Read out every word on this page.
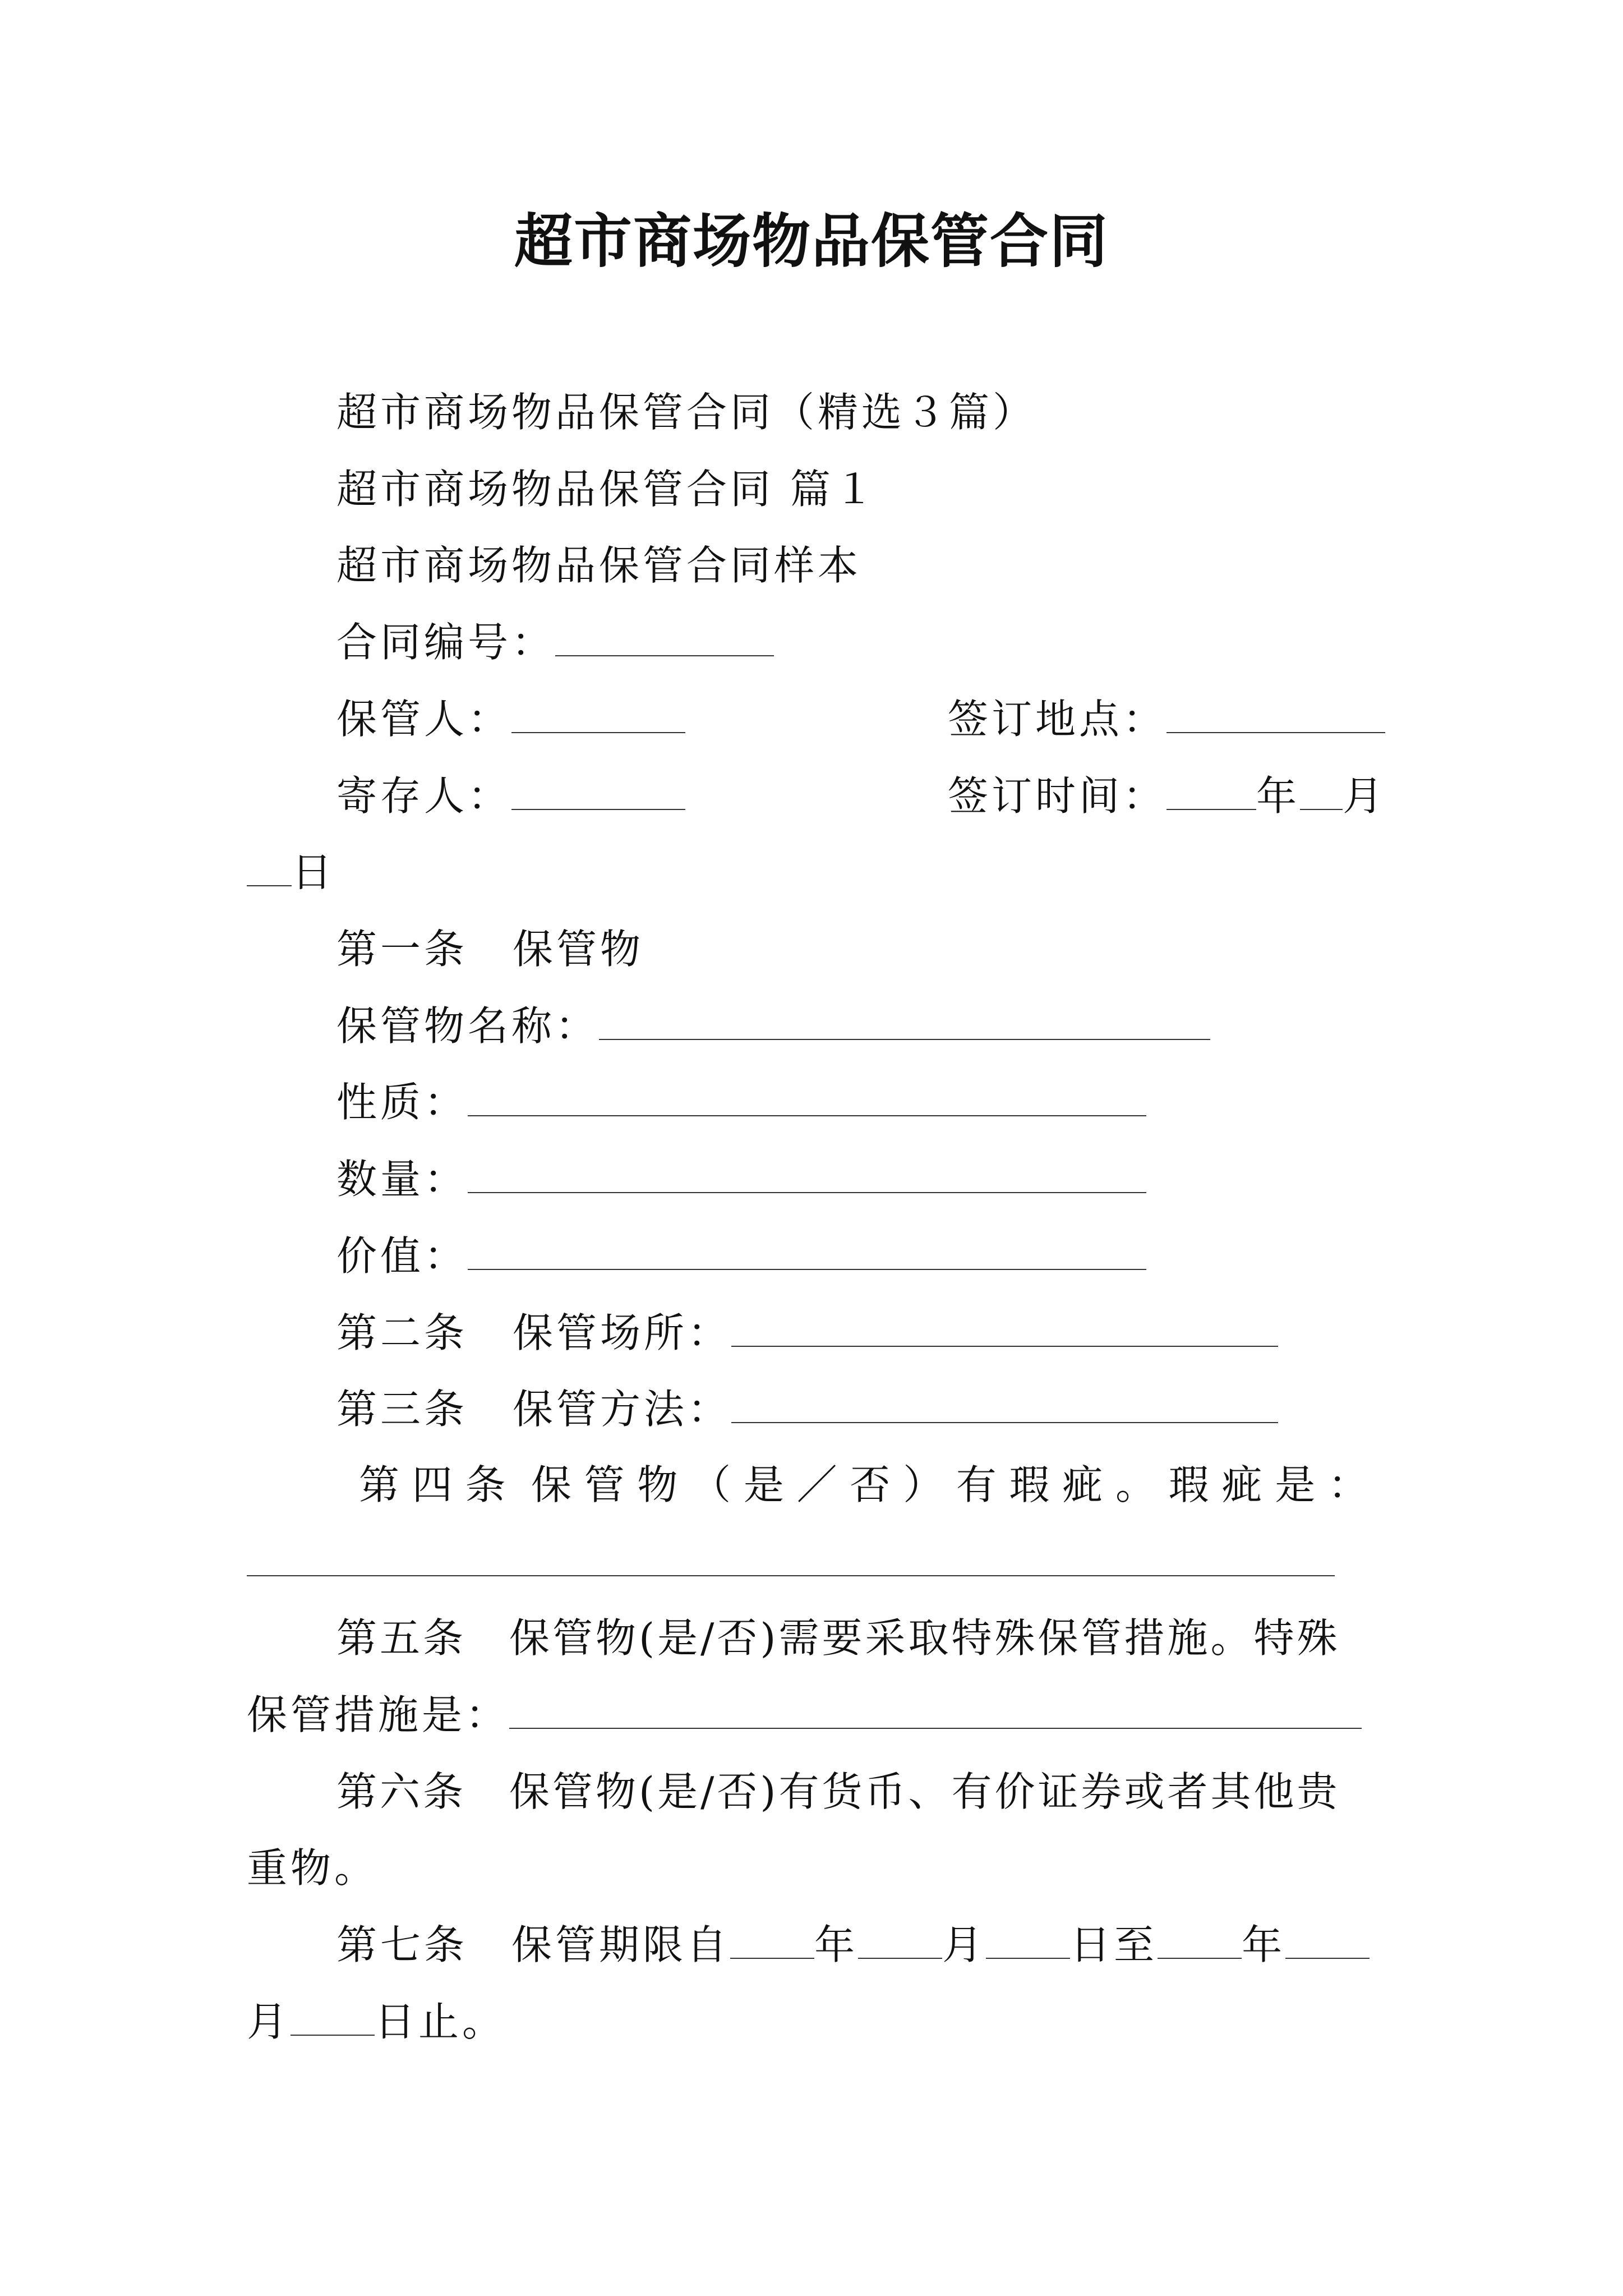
超市商场物品保管合同
超市商场物品保管合同（精选３篇）
超市商场物品保管合同 篇１
超市商场物品保管合同样本
合同编号：
保管人：	签订地点：
寄存人：	签订时间： 年 月
日
第一条 保管物
保管物名称：
性质：
数量：
价值：
第二条 保管场所：
第三条 保管方法：
第 四 条 保 管 物 （ 是 ／ 否 ） 有 瑕 疵 。 瑕 疵 是 ：
第五条　保管物(是/否)需要采取特殊保管措施。特殊
保管措施是：
第六条　保管物(是/否)有货币、有价证券或者其他贵
重物。
第七条　保管期限自 年 月 日至 年
月 日止。
